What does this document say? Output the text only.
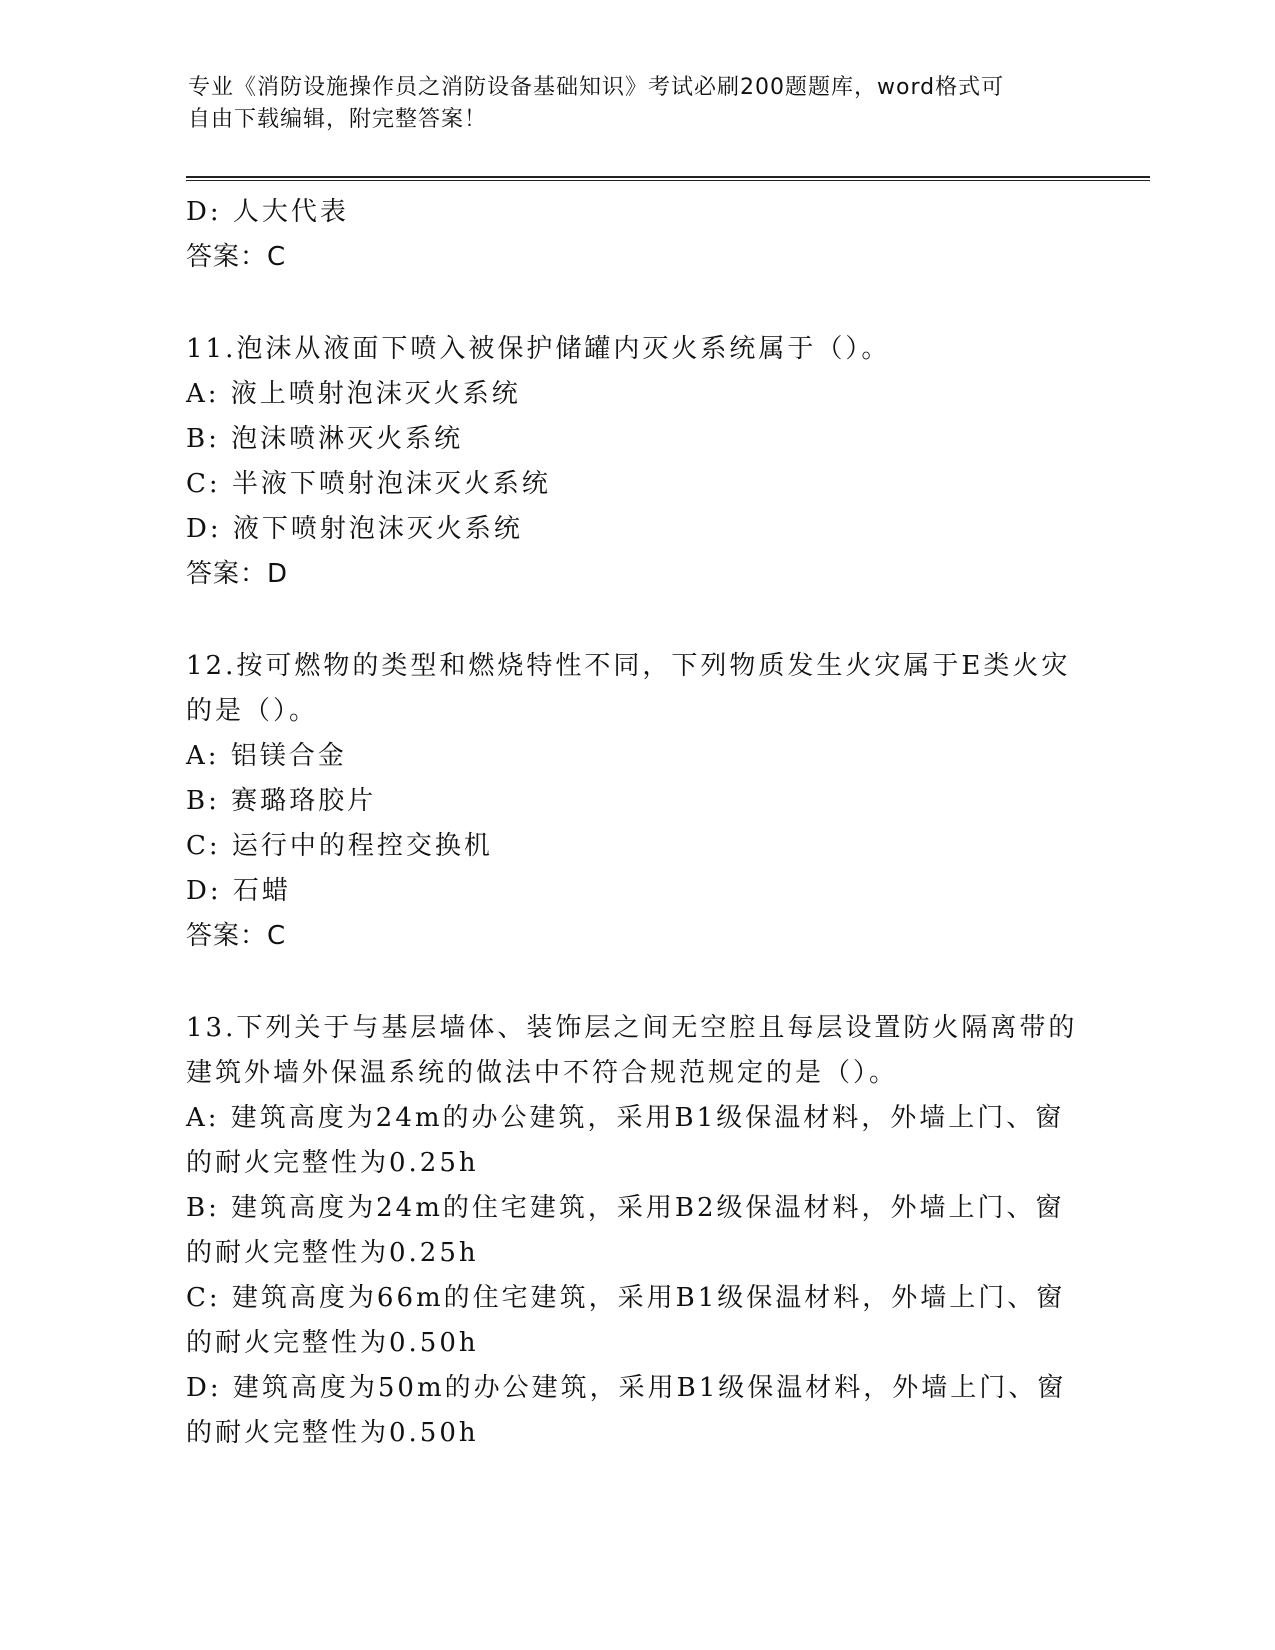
专业《消防设施操作员之消防设备基础知识》考试必刷200题题库，word格式可
自由下载编辑，附完整答案！
D: 人大代表
答案：C
11.泡沫从液面下喷入被保护储罐内灭火系统属于（）。
A: 液上喷射泡沫灭火系统
B: 泡沫喷淋灭火系统
C: 半液下喷射泡沫灭火系统
D: 液下喷射泡沫灭火系统
答案：D
12.按可燃物的类型和燃烧特性不同，下列物质发生火灾属于E类火灾
的是（）。
A: 铝镁合金
B: 赛璐珞胶片
C: 运行中的程控交换机
D: 石蜡
答案：C
13.下列关于与基层墙体、装饰层之间无空腔且每层设置防火隔离带的
建筑外墙外保温系统的做法中不符合规范规定的是（）。
A: 建筑高度为24m的办公建筑，采用B1级保温材料，外墙上门、窗
的耐火完整性为0.25h
B: 建筑高度为24m的住宅建筑，采用B2级保温材料，外墙上门、窗
的耐火完整性为0.25h
C: 建筑高度为66m的住宅建筑，采用B1级保温材料，外墙上门、窗
的耐火完整性为0.50h
D: 建筑高度为50m的办公建筑，采用B1级保温材料，外墙上门、窗
的耐火完整性为0.50h
